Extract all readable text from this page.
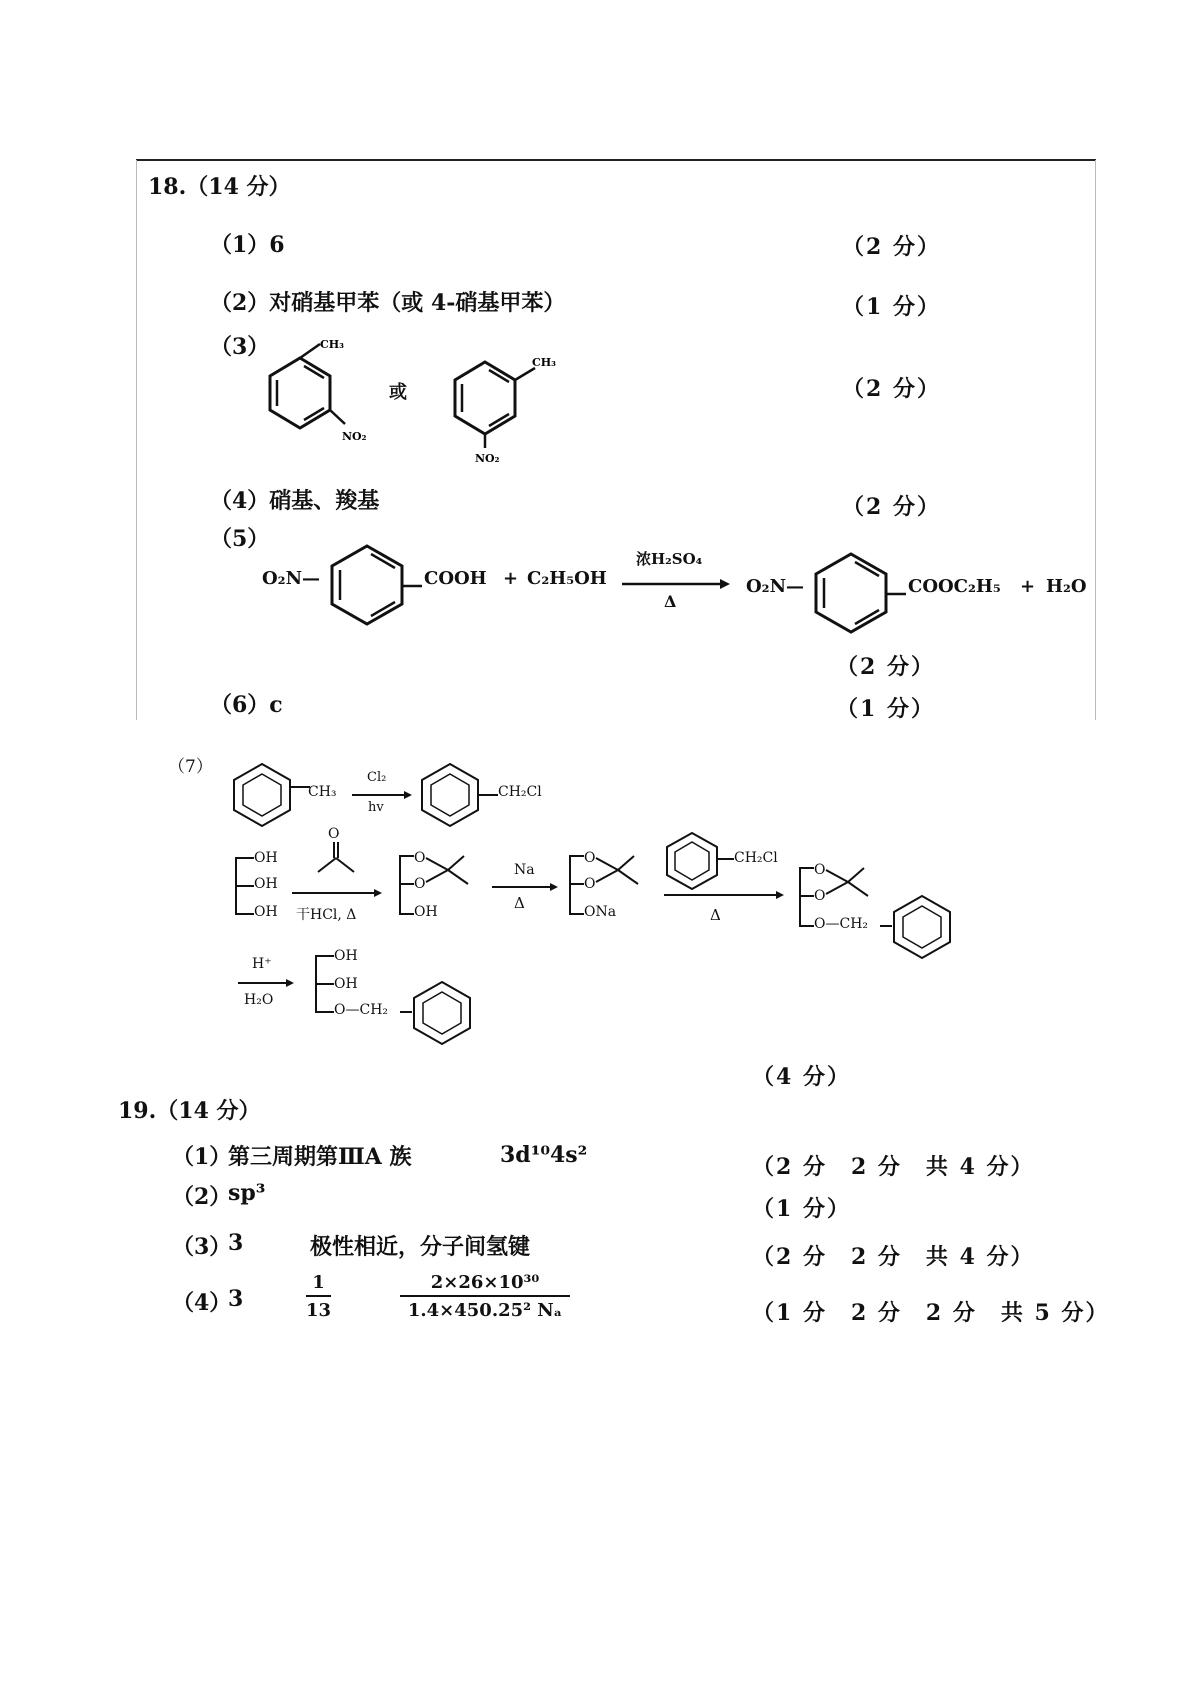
18.（14 分）
（1）6	（2 分）
（2）对硝基甲苯（或 4-硝基甲苯）	（1 分）
（3）
（2 分）
CH₃
NO₂
或
CH₃
NO₂
（4）硝基、羧基	（2 分）
（5）
O₂N—	COOH + C₂H₅OH
浓H₂SO₄
Δ
O₂N—	COOC₂H₅ + H₂O
（2 分）
（6）c	（1 分）
（7）
CH₃
Cl₂
hv
CH₂Cl
OH
OH
OH
O
干HCl, Δ
O
O
OH
Na
Δ
O
O
ONa
CH₂Cl
Δ
O
O
O—CH₂
H⁺
H₂O
OH
OH
O—CH₂
（4 分）
19.（14 分）
（1）
第三周期第ⅢA 族	3d¹⁰4s²	（2 分　2 分　共 4 分）
（2）
sp³
（1 分）
（3）
3	极性相近，分子间氢键	（2 分　2 分　共 4 分）
（4）
3	$\frac{1}{13}$	$\frac{\text{2×26×10³⁰}}{\text{1.4×450.25² Nₐ}}$	（1 分　2 分　2 分　共 5 分）
